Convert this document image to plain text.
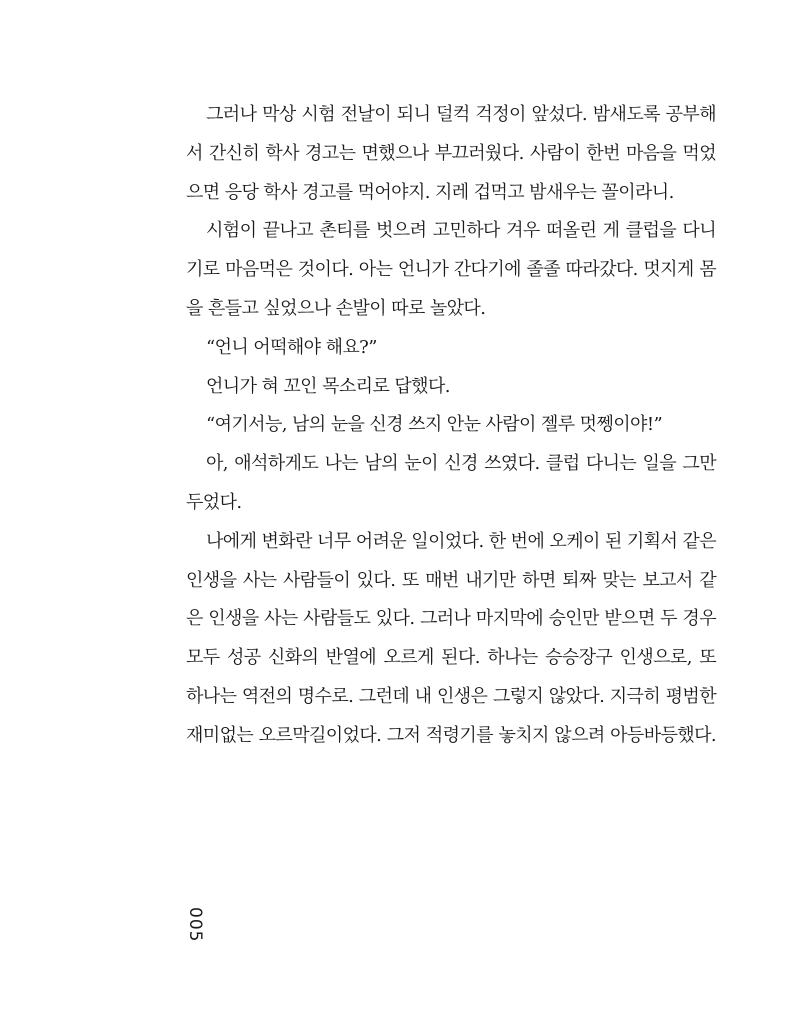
그러나 막상 시험 전날이 되니 덜컥 걱정이 앞섰다. 밤새도록 공부해
서 간신히 학사 경고는 면했으나 부끄러웠다. 사람이 한번 마음을 먹었
으면 응당 학사 경고를 먹어야지. 지레 겁먹고 밤새우는 꼴이라니.
시험이 끝나고 촌티를 벗으려 고민하다 겨우 떠올린 게 클럽을 다니
기로 마음먹은 것이다. 아는 언니가 간다기에 졸졸 따라갔다. 멋지게 몸
을 흔들고 싶었으나 손발이 따로 놀았다.
“언니 어떡해야 해요?”
언니가 혀 꼬인 목소리로 답했다.
“여기서능, 남의 눈을 신경 쓰지 안눈 사람이 젤루 멋쩽이야!”
아, 애석하게도 나는 남의 눈이 신경 쓰였다. 클럽 다니는 일을 그만
두었다.
나에게 변화란 너무 어려운 일이었다. 한 번에 오케이 된 기획서 같은
인생을 사는 사람들이 있다. 또 매번 내기만 하면 퇴짜 맞는 보고서 같
은 인생을 사는 사람들도 있다. 그러나 마지막에 승인만 받으면 두 경우
모두 성공 신화의 반열에 오르게 된다. 하나는 승승장구 인생으로, 또
하나는 역전의 명수로. 그런데 내 인생은 그렇지 않았다. 지극히 평범한
재미없는 오르막길이었다. 그저 적령기를 놓치지 않으려 아등바등했다.
005
